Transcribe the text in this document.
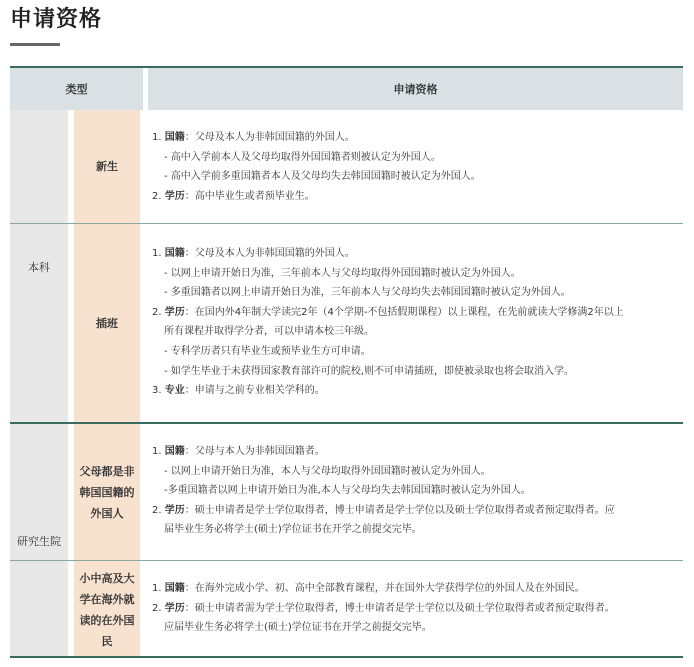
申请资格
类型	申请资格
本科
研究生院
新生
插班
父母都是非韩国国籍的外国人
小中高及大学在海外就读的在外国民
1. 国籍：父母及本人为非韩国国籍的外国人。
- 高中入学前本人及父母均取得外国国籍者则被认定为外国人。
- 高中入学前多重国籍者本人及父母均失去韩国国籍时被认定为外国人。
2. 学历：高中毕业生或者预毕业生。
1. 国籍：父母及本人为非韩国国籍的外国人。
- 以网上申请开始日为准，三年前本人与父母均取得外国国籍时被认定为外国人。
- 多重国籍者以网上申请开始日为准，三年前本人与父母均失去韩国国籍时被认定为外国人。
2. 学历：在国内外4年制大学读完2年（4个学期-不包括假期课程）以上课程，在先前就读大学修满2年以上
所有课程并取得学分者，可以申请本校三年级。
- 专科学历者只有毕业生或预毕业生方可申请。
- 如学生毕业于未获得国家教育部许可的院校,则不可申请插班，即使被录取也将会取消入学。
3. 专业：申请与之前专业相关学科的。
1. 国籍：父母与本人为非韩国国籍者。
- 以网上申请开始日为准，本人与父母均取得外国国籍时被认定为外国人。
-多重国籍者以网上申请开始日为准,本人与父母均失去韩国国籍时被认定为外国人。
2. 学历：硕士申请者是学士学位取得者，博士申请者是学士学位以及硕士学位取得者或者预定取得者。应
届毕业生务必将学士(硕士)学位证书在开学之前提交完毕。
1. 国籍：在海外完成小学、初、高中全部教育课程，并在国外大学获得学位的外国人及在外国民。
2. 学历：硕士申请者需为学士学位取得者，博士申请者是学士学位以及硕士学位取得者或者预定取得者。
应届毕业生务必将学士(硕士)学位证书在开学之前提交完毕。
